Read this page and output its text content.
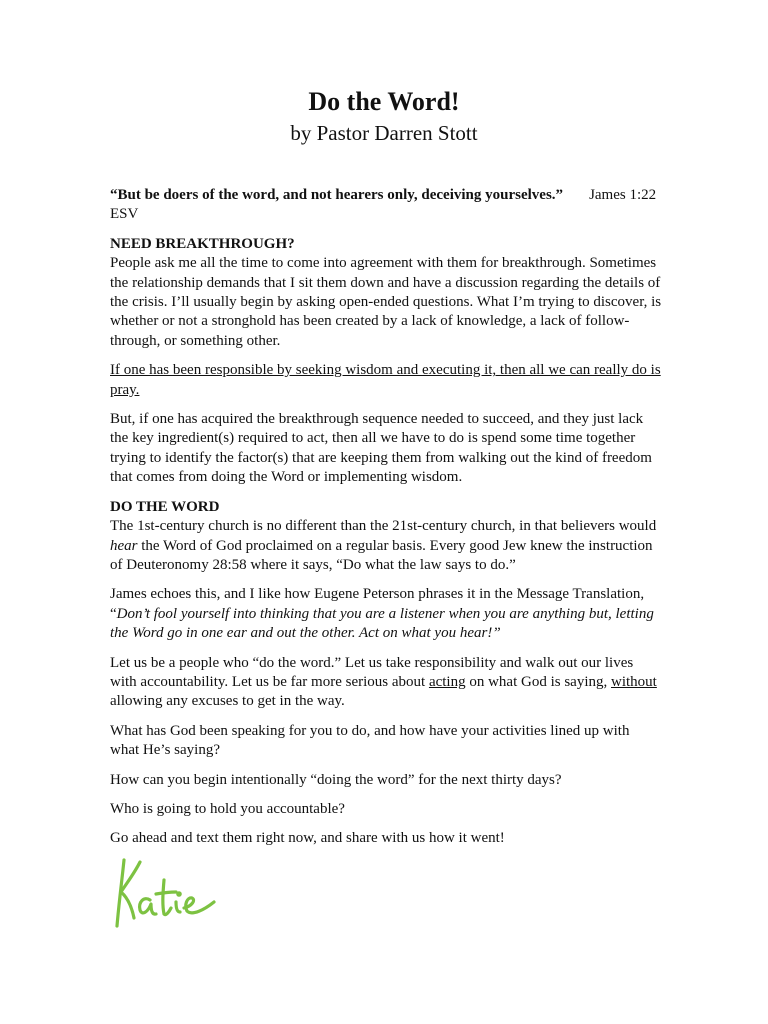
Do the Word!
by Pastor Darren Stott

“But be doers of the word, and not hearers only, deceiving yourselves.” James 1:22 ESV

NEED BREAKTHROUGH?
People ask me all the time to come into agreement with them for breakthrough. Sometimes the relationship demands that I sit them down and have a discussion regarding the details of the crisis. I’ll usually begin by asking open-ended questions. What I’m trying to discover, is whether or not a stronghold has been created by a lack of knowledge, a lack of follow-through, or something other.

If one has been responsible by seeking wisdom and executing it, then all we can really do is pray.

But, if one has acquired the breakthrough sequence needed to succeed, and they just lack the key ingredient(s) required to act, then all we have to do is spend some time together trying to identify the factor(s) that are keeping them from walking out the kind of freedom that comes from doing the Word or implementing wisdom.

DO THE WORD
The 1st-century church is no different than the 21st-century church, in that believers would hear the Word of God proclaimed on a regular basis. Every good Jew knew the instruction of Deuteronomy 28:58 where it says, “Do what the law says to do.”

James echoes this, and I like how Eugene Peterson phrases it in the Message Translation, “Don’t fool yourself into thinking that you are a listener when you are anything but, letting the Word go in one ear and out the other. Act on what you hear!”

Let us be a people who “do the word.” Let us take responsibility and walk out our lives with accountability. Let us be far more serious about acting on what God is saying, without allowing any excuses to get in the way.

What has God been speaking for you to do, and how have your activities lined up with what He’s saying?

How can you begin intentionally “doing the word” for the next thirty days?

Who is going to hold you accountable?

Go ahead and text them right now, and share with us how it went!
